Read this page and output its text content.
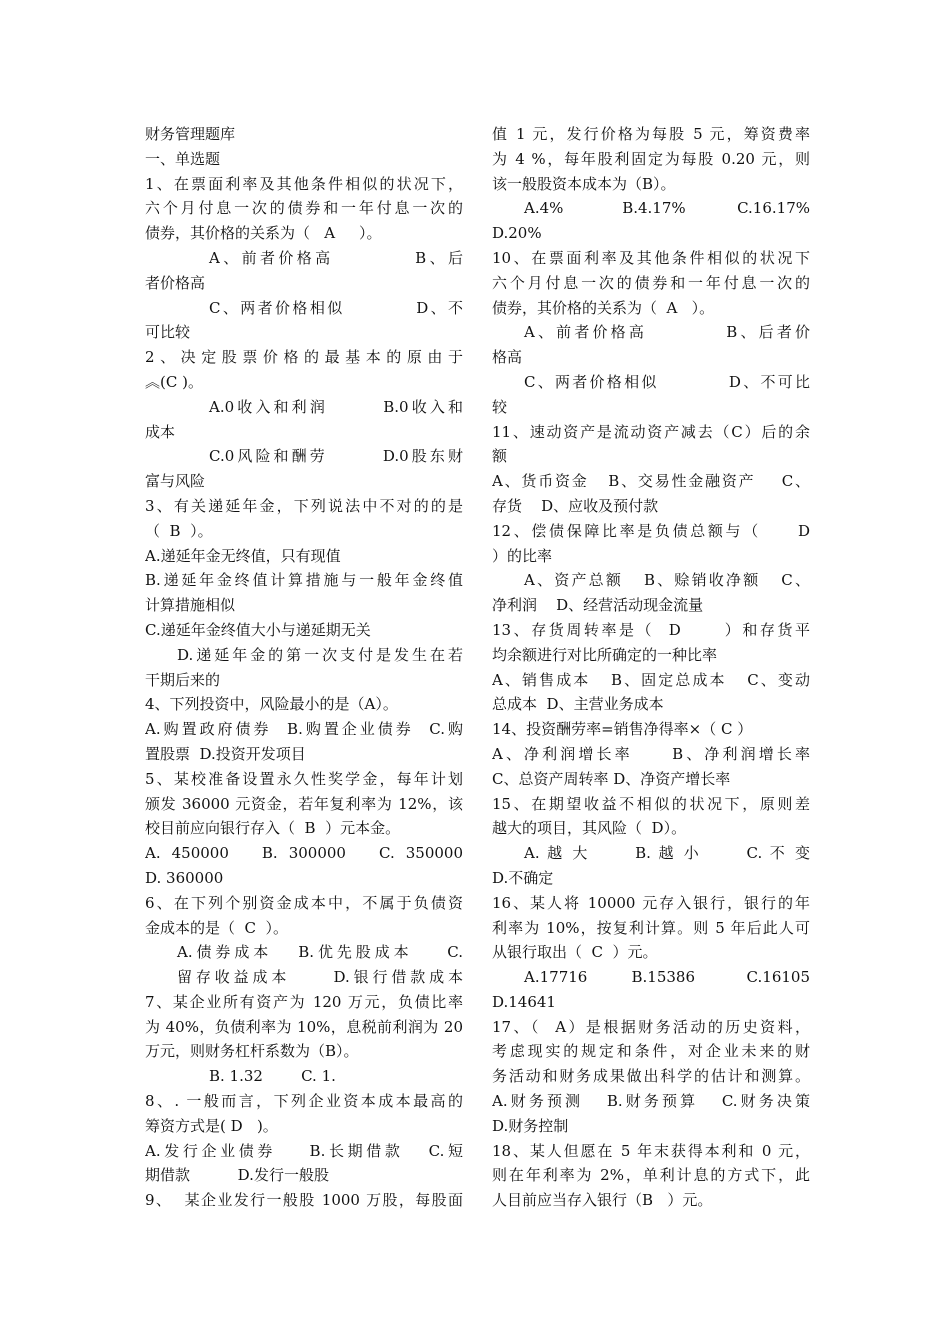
财务管理题库
一、单选题
1、在票面利率及其他条件相似的状况下，
六个月付息一次的债券和一年付息一次的
债券，其价格的关系为（   A     ）。
A、前者价格高          B、后
者价格高
C、两者价格相似          D、不
可比较
2、决定股票价格的最基本的原由于
︽(C )。
A.0收入和利润       B.0收入和
成本
C.0风险和酬劳       D.0股东财
富与风险
3、有关递延年金，下列说法中不对的的是
（  B  ）。
A.递延年金无终值，只有现值
B.递延年金终值计算措施与一般年金终值
计算措施相似
C.递延年金终值大小与递延期无关
D.递延年金的第一次支付是发生在若
干期后来的
4、下列投资中，风险最小的是（A）。
A.购置政府债券  B.购置企业债券  C.购
置股票  D.投资开发项目
5、某校准备设置永久性奖学金，每年计划
颁发 36000 元资金，若年复利率为 12%，该
校目前应向银行存入（  B  ）元本金。
A. 450000   B. 300000   C. 350000
D. 360000
6、在下列个别资金成本中，不属于负债资
金成本的是（  C  ）。
A.债券成本   B.优先股成本    C.
留存收益成本     D.银行借款成本
7、某企业所有资产为 120 万元，负债比率
为 40%，负债利率为 10%，息税前利润为 20
万元，则财务杠杆系数为（B）。
B. 1.32        C. 1.
8、. 一般而言，下列企业资本成本最高的
筹资方式是( D   )。
A.发行企业债券    B.长期借款   C.短
期借款          D.发行一般股
9、  某企业发行一般股 1000 万股，每股面
值 1 元，发行价格为每股 5 元，筹资费率
为 4 %，每年股利固定为每股 0.20 元，则
该一般股资本成本为（B）。
A.4%        B.4.17%       C.16.17%
D.20%
10、在票面利率及其他条件相似的状况下
六个月付息一次的债券和一年付息一次的
债券，其价格的关系为（  A   ）。
A、前者价格高          B、后者价
格高
C、两者价格相似          D、不可比
较
11、速动资产是流动资产减去（C）后的余
额
A、货币资金   B、交易性金融资产    C、
存货    D、应收及预付款
12、偿债保障比率是负债总额与（     D
）的比率
A、资产总额   B、赊销收净额   C、
净利润    D、经营活动现金流量
13、存货周转率是（  D      ）和存货平
均余额进行对比所确定的一种比率
A、销售成本   B、固定总成本   C、变动
总成本  D、主营业务成本
14、投资酬劳率=销售净得率×（ C ）
A、净利润增长率     B、净利润增长率
C、总资产周转率 D、净资产增长率
15、在期望收益不相似的状况下，原则差
越大的项目，其风险（  D）。
A. 越 大      B. 越 小      C. 不 变
D.不确定
16、某人将 10000 元存入银行，银行的年
利率为 10%，按复利计算。则 5 年后此人可
从银行取出（  C  ）元。
A.17716      B.15386       C.16105
D.14641
17、（  A）是根据财务活动的历史资料，
考虑现实的规定和条件，对企业未来的财
务活动和财务成果做出科学的估计和测算。
A.财务预测   B.财务预算   C.财务决策
D.财务控制
18、某人但愿在 5 年末获得本利和 0 元，
则在年利率为 2%，单利计息的方式下，此
人目前应当存入银行（B   ）元。
